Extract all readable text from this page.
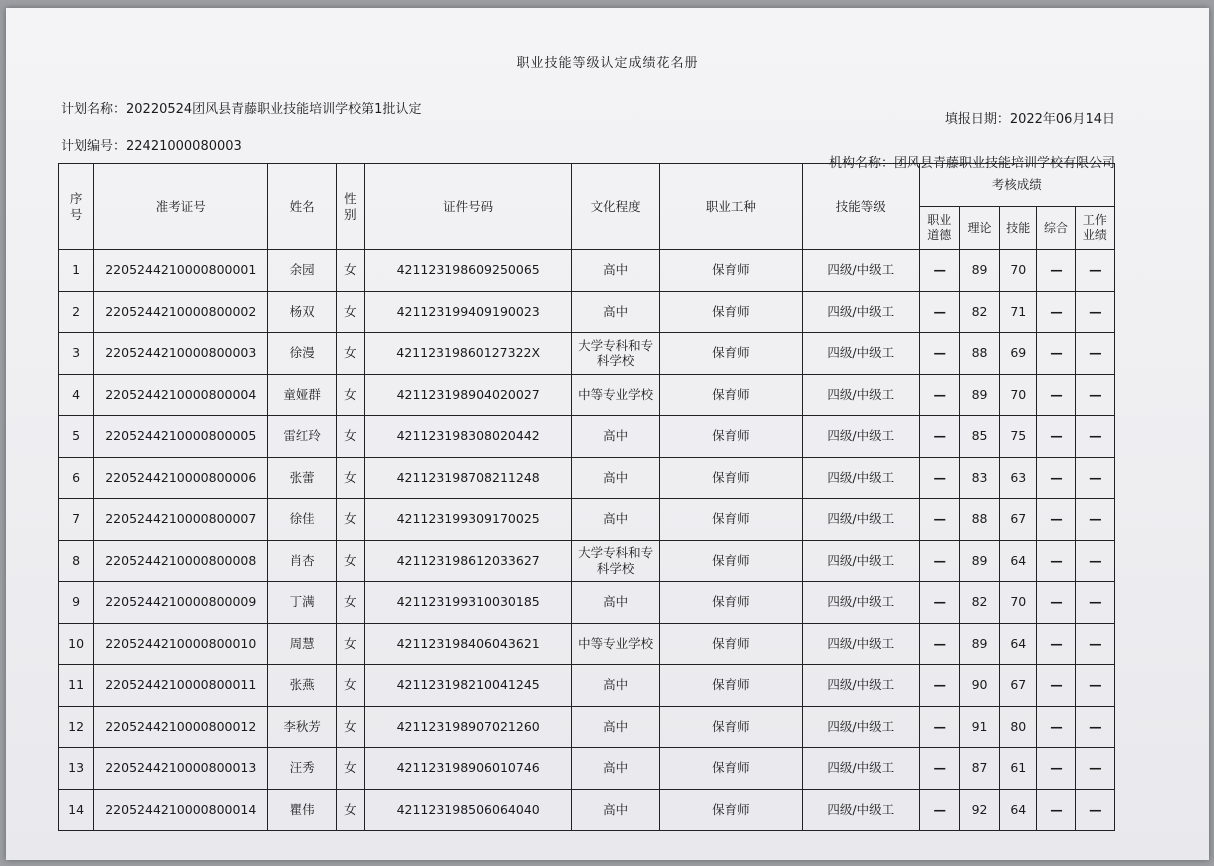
职业技能等级认定成绩花名册
计划名称：20220524团风县青藤职业技能培训学校第1批认定
计划编号：22421000080003
填报日期：2022年06月14日
机构名称：团风县青藤职业技能培训学校有限公司
序号	准考证号	姓名	性别	证件号码	文化程度	职业工种	技能等级	考核成绩				
								职业道德	理论	技能	综合	工作业绩
1	2205244210000800001	余园	女	421123198609250065	高中	保育师	四级/中级工	—	89	70	—	—
2	2205244210000800002	杨双	女	421123199409190023	高中	保育师	四级/中级工	—	82	71	—	—
3	2205244210000800003	徐漫	女	42112319860127322X	大学专科和专科学校	保育师	四级/中级工	—	88	69	—	—
4	2205244210000800004	童娅群	女	421123198904020027	中等专业学校	保育师	四级/中级工	—	89	70	—	—
5	2205244210000800005	雷红玲	女	421123198308020442	高中	保育师	四级/中级工	—	85	75	—	—
6	2205244210000800006	张蕾	女	421123198708211248	高中	保育师	四级/中级工	—	83	63	—	—
7	2205244210000800007	徐佳	女	421123199309170025	高中	保育师	四级/中级工	—	88	67	—	—
8	2205244210000800008	肖杏	女	421123198612033627	大学专科和专科学校	保育师	四级/中级工	—	89	64	—	—
9	2205244210000800009	丁满	女	421123199310030185	高中	保育师	四级/中级工	—	82	70	—	—
10	2205244210000800010	周慧	女	421123198406043621	中等专业学校	保育师	四级/中级工	—	89	64	—	—
11	2205244210000800011	张燕	女	421123198210041245	高中	保育师	四级/中级工	—	90	67	—	—
12	2205244210000800012	李秋芳	女	421123198907021260	高中	保育师	四级/中级工	—	91	80	—	—
13	2205244210000800013	汪秀	女	421123198906010746	高中	保育师	四级/中级工	—	87	61	—	—
14	2205244210000800014	瞿伟	女	421123198506064040	高中	保育师	四级/中级工	—	92	64	—	—
